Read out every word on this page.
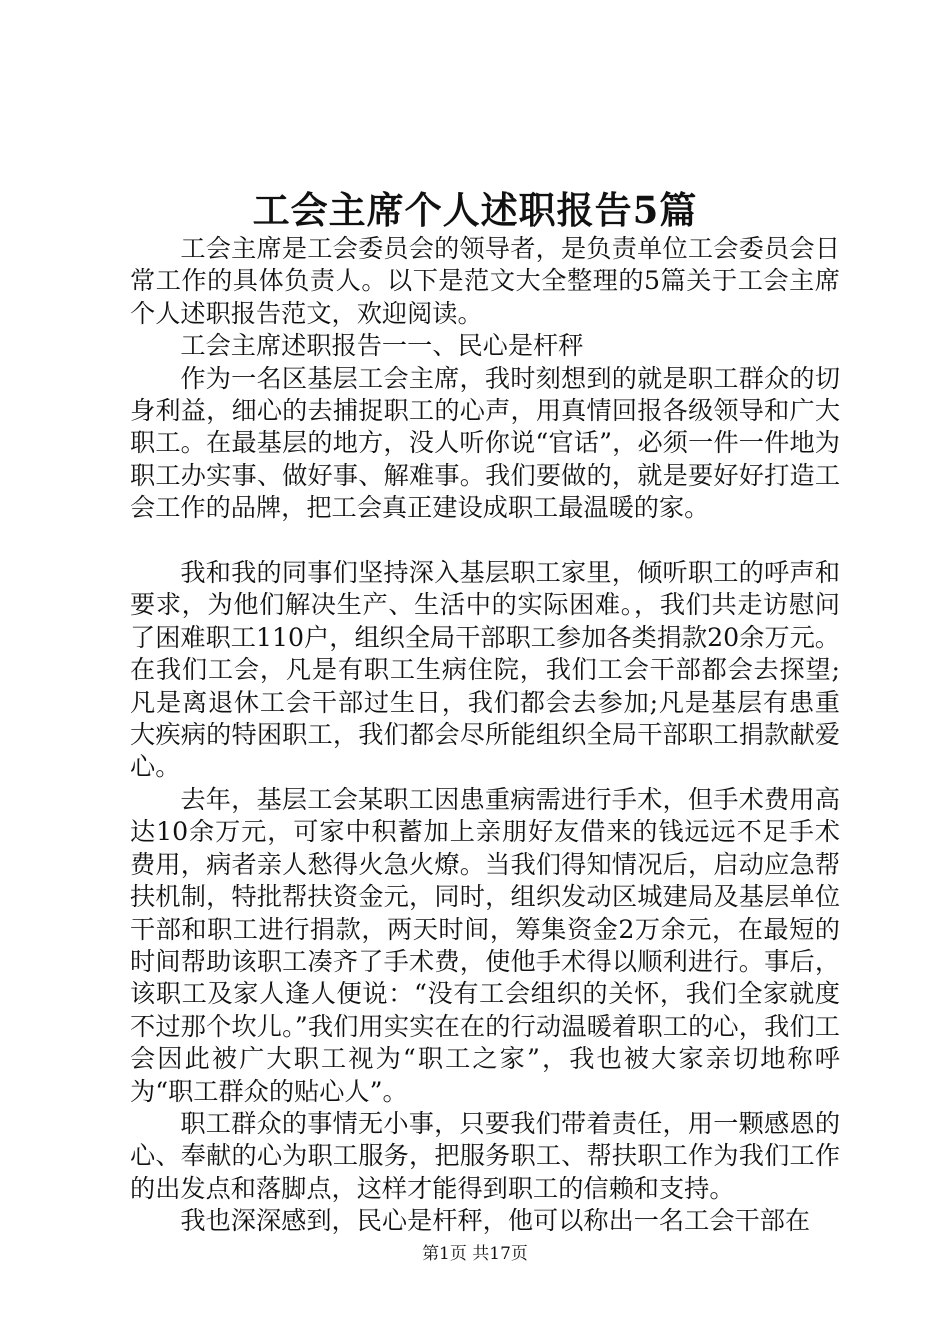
工会主席个人述职报告5篇

工会主席是工会委员会的领导者，是负责单位工会委员会日常工作的具体负责人。以下是范文大全整理的5篇关于工会主席个人述职报告范文，欢迎阅读。

工会主席述职报告一一、民心是杆秤

作为一名区基层工会主席，我时刻想到的就是职工群众的切身利益，细心的去捕捉职工的心声，用真情回报各级领导和广大职工。在最基层的地方，没人听你说“官话”，必须一件一件地为职工办实事、做好事、解难事。我们要做的，就是要好好打造工会工作的品牌，把工会真正建设成职工最温暖的家。

我和我的同事们坚持深入基层职工家里，倾听职工的呼声和要求，为他们解决生产、生活中的实际困难。，我们共走访慰问了困难职工110户，组织全局干部职工参加各类捐款20余万元。在我们工会，凡是有职工生病住院，我们工会干部都会去探望;凡是离退休工会干部过生日，我们都会去参加;凡是基层有患重大疾病的特困职工，我们都会尽所能组织全局干部职工捐款献爱心。

去年，基层工会某职工因患重病需进行手术，但手术费用高达10余万元，可家中积蓄加上亲朋好友借来的钱远远不足手术费用，病者亲人愁得火急火燎。当我们得知情况后，启动应急帮扶机制，特批帮扶资金元，同时，组织发动区城建局及基层单位干部和职工进行捐款，两天时间，筹集资金2万余元，在最短的时间帮助该职工凑齐了手术费，使他手术得以顺利进行。事后，该职工及家人逢人便说：“没有工会组织的关怀，我们全家就度不过那个坎儿。”我们用实实在在的行动温暖着职工的心，我们工会因此被广大职工视为“职工之家”，我也被大家亲切地称呼为“职工群众的贴心人”。

职工群众的事情无小事，只要我们带着责任，用一颗感恩的心、奉献的心为职工服务，把服务职工、帮扶职工作为我们工作的出发点和落脚点，这样才能得到职工的信赖和支持。

我也深深感到，民心是杆秤，他可以称出一名工会干部在

第1页 共17页
